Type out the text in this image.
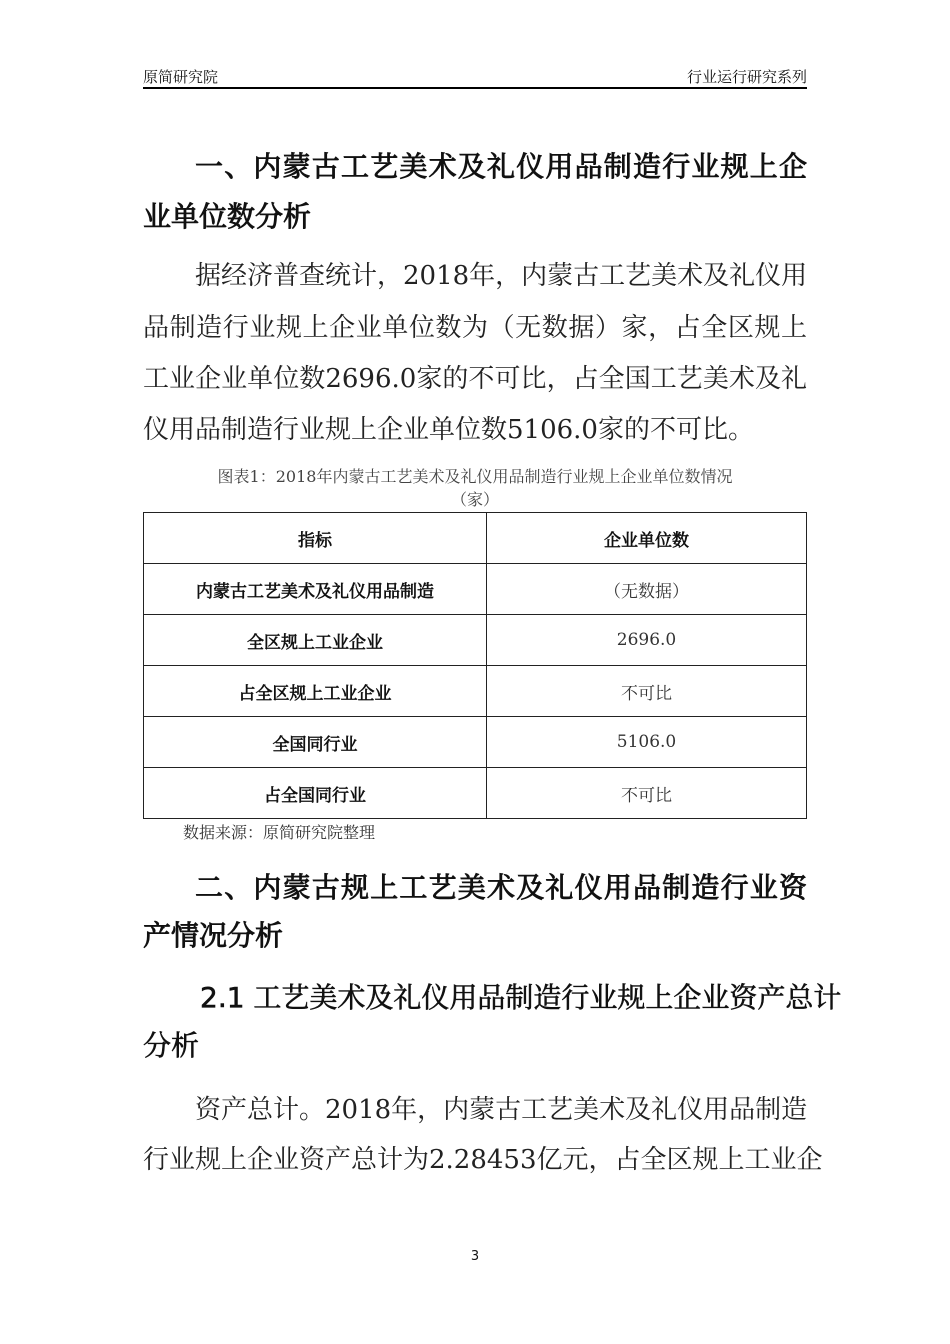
原简研究院	行业运行研究系列
一、内蒙古工艺美术及礼仪用品制造行业规上企
业单位数分析
据经济普查统计，2018年，内蒙古工艺美术及礼仪用
品制造行业规上企业单位数为（无数据）家，占全区规上
工业企业单位数2696.0家的不可比，占全国工艺美术及礼
仪用品制造行业规上企业单位数5106.0家的不可比。
图表1：2018年内蒙古工艺美术及礼仪用品制造行业规上企业单位数情况
（家）
指标	企业单位数
内蒙古工艺美术及礼仪用品制造	（无数据）
全区规上工业企业	2696.0
占全区规上工业企业	不可比
全国同行业	5106.0
占全国同行业	不可比
数据来源：原简研究院整理
二、内蒙古规上工艺美术及礼仪用品制造行业资
产情况分析
2.1 工艺美术及礼仪用品制造行业规上企业资产总计
分析
资产总计。2018年，内蒙古工艺美术及礼仪用品制造
行业规上企业资产总计为2.28453亿元，占全区规上工业企
3
